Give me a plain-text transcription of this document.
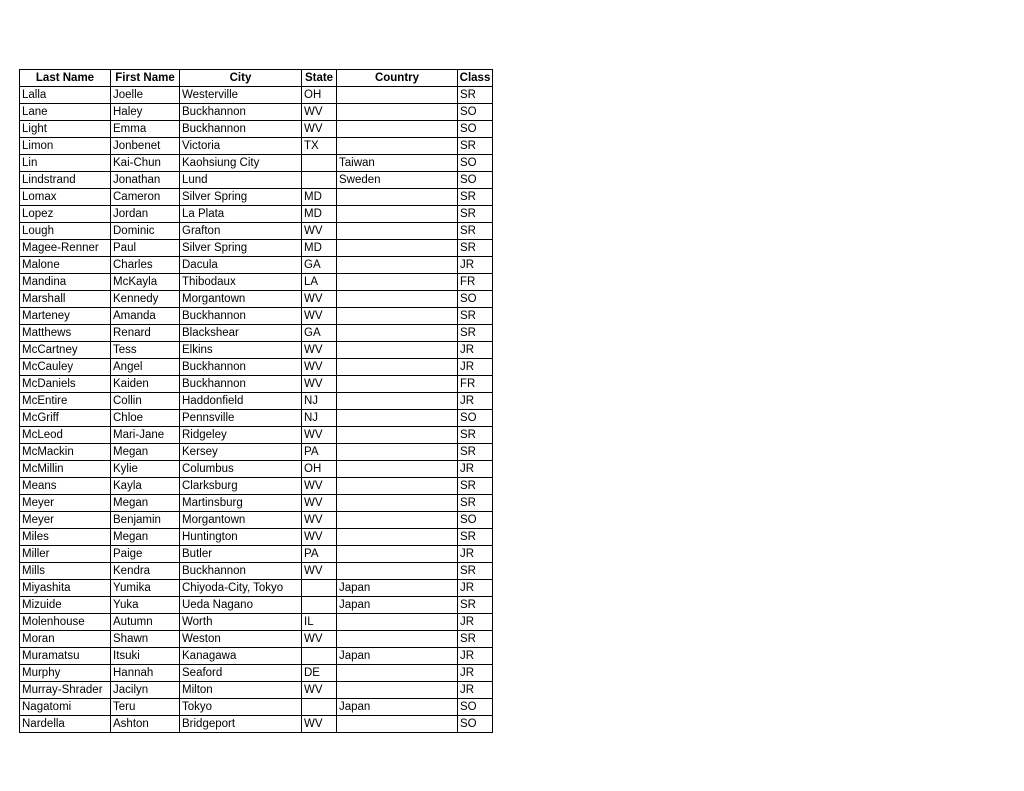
Last Name	First Name	City	State	Country	Class
Lalla	Joelle	Westerville	OH		SR
Lane	Haley	Buckhannon	WV		SO
Light	Emma	Buckhannon	WV		SO
Limon	Jonbenet	Victoria	TX		SR
Lin	Kai-Chun	Kaohsiung City		Taiwan	SO
Lindstrand	Jonathan	Lund		Sweden	SO
Lomax	Cameron	Silver Spring	MD		SR
Lopez	Jordan	La Plata	MD		SR
Lough	Dominic	Grafton	WV		SR
Magee-Renner	Paul	Silver Spring	MD		SR
Malone	Charles	Dacula	GA		JR
Mandina	McKayla	Thibodaux	LA		FR
Marshall	Kennedy	Morgantown	WV		SO
Marteney	Amanda	Buckhannon	WV		SR
Matthews	Renard	Blackshear	GA		SR
McCartney	Tess	Elkins	WV		JR
McCauley	Angel	Buckhannon	WV		JR
McDaniels	Kaiden	Buckhannon	WV		FR
McEntire	Collin	Haddonfield	NJ		JR
McGriff	Chloe	Pennsville	NJ		SO
McLeod	Mari-Jane	Ridgeley	WV		SR
McMackin	Megan	Kersey	PA		SR
McMillin	Kylie	Columbus	OH		JR
Means	Kayla	Clarksburg	WV		SR
Meyer	Megan	Martinsburg	WV		SR
Meyer	Benjamin	Morgantown	WV		SO
Miles	Megan	Huntington	WV		SR
Miller	Paige	Butler	PA		JR
Mills	Kendra	Buckhannon	WV		SR
Miyashita	Yumika	Chiyoda-City, Tokyo		Japan	JR
Mizuide	Yuka	Ueda Nagano		Japan	SR
Molenhouse	Autumn	Worth	IL		JR
Moran	Shawn	Weston	WV		SR
Muramatsu	Itsuki	Kanagawa		Japan	JR
Murphy	Hannah	Seaford	DE		JR
Murray-Shrader	Jacilyn	Milton	WV		JR
Nagatomi	Teru	Tokyo		Japan	SO
Nardella	Ashton	Bridgeport	WV		SO
